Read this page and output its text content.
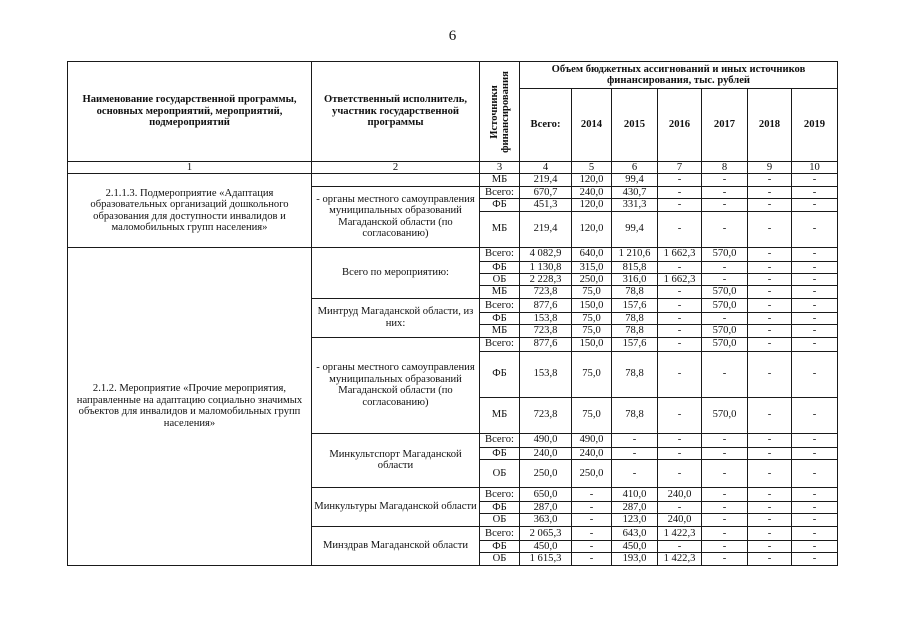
6
Наименование государственной программы, основных мероприятий, мероприятий, подмероприятий	Ответственный исполнитель, участник государственной программы	Источники финансирования	Объем бюджетных ассигнований и иных источников финансирования, тыс. рублей						
			Всего:	2014	2015	2016	2017	2018	2019
1	2	3	4	5	6	7	8	9	10
2.1.1.3. Подмероприятие «Адаптация образовательных организаций дошкольного образования для доступности инвалидов и маломобильных групп населения»		МБ	219,4	120,0	99,4	-	-	-	-
	- органы местного самоуправления муниципальных образований Магаданской области (по согласованию)	Всего:	670,7	240,0	430,7	-	-	-	-
		ФБ	451,3	120,0	331,3	-	-	-	-
		МБ	219,4	120,0	99,4	-	-	-	-
2.1.2. Мероприятие «Прочие мероприятия, направленные на адаптацию социально значимых объектов для инвалидов и маломобильных групп населения»	Всего по мероприятию:	Всего:	4 082,9	640,0	1 210,6	1 662,3	570,0	-	-
		ФБ	1 130,8	315,0	815,8	-	-	-	-
		ОБ	2 228,3	250,0	316,0	1 662,3	-	-	-
		МБ	723,8	75,0	78,8	-	570,0	-	-
	Минтруд Магаданской области, из них:	Всего:	877,6	150,0	157,6	-	570,0	-	-
		ФБ	153,8	75,0	78,8	-	-	-	-
		МБ	723,8	75,0	78,8	-	570,0	-	-
	- органы местного самоуправления муниципальных образований Магаданской области (по согласованию)	Всего:	877,6	150,0	157,6	-	570,0	-	-
		ФБ	153,8	75,0	78,8	-	-	-	-
		МБ	723,8	75,0	78,8	-	570,0	-	-
	Минкультспорт Магаданской области	Всего:	490,0	490,0	-	-	-	-	-
		ФБ	240,0	240,0	-	-	-	-	-
		ОБ	250,0	250,0	-	-	-	-	-
	Минкультуры Магаданской области	Всего:	650,0	-	410,0	240,0	-	-	-
		ФБ	287,0	-	287,0	-	-	-	-
		ОБ	363,0	-	123,0	240,0	-	-	-
	Минздрав Магаданской области	Всего:	2 065,3	-	643,0	1 422,3	-	-	-
		ФБ	450,0	-	450,0	-	-	-	-
		ОБ	1 615,3	-	193,0	1 422,3	-	-	-
